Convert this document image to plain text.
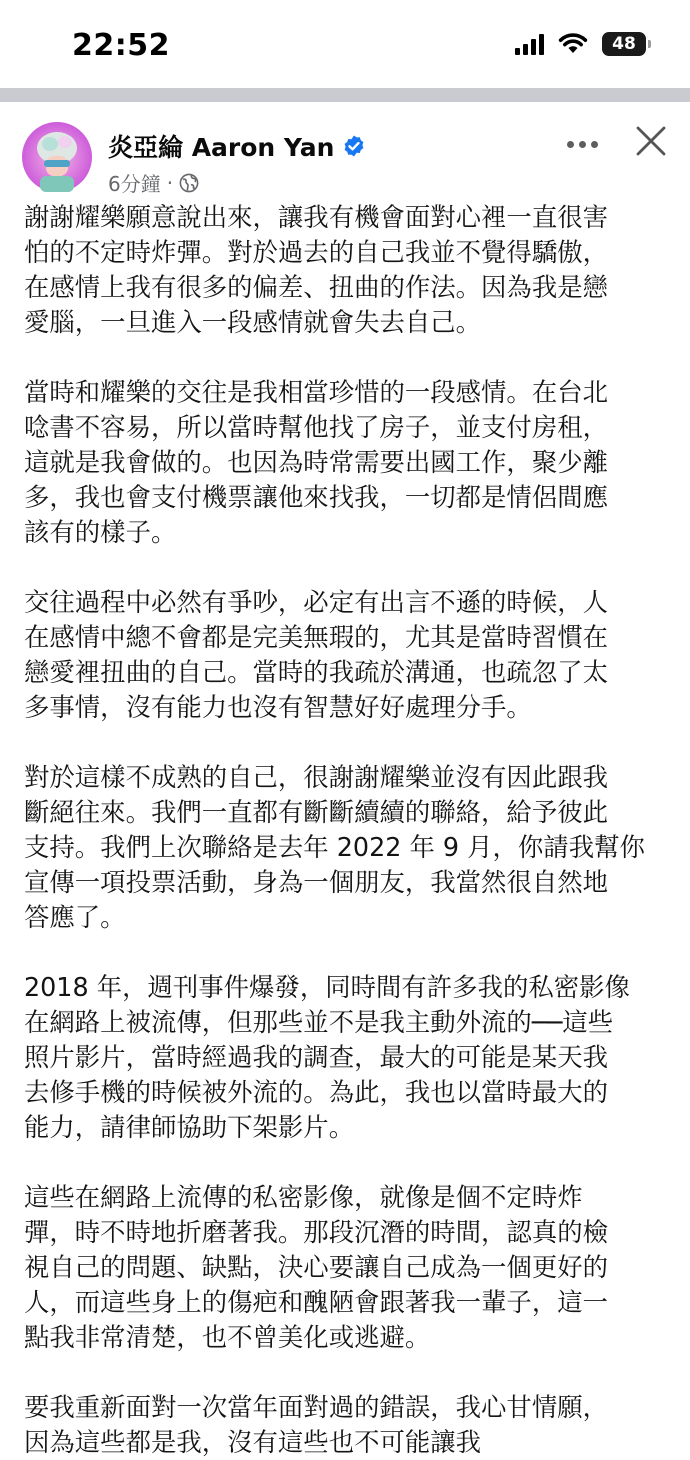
22:52	48
炎亞綸 Aaron Yan
6分鐘 ·
謝謝耀樂願意說出來，讓我有機會面對心裡一直很害
怕的不定時炸彈。對於過去的自己我並不覺得驕傲，
在感情上我有很多的偏差、扭曲的作法。因為我是戀
愛腦，一旦進入一段感情就會失去自己。
當時和耀樂的交往是我相當珍惜的一段感情。在台北
唸書不容易，所以當時幫他找了房子，並支付房租，
這就是我會做的。也因為時常需要出國工作，聚少離
多，我也會支付機票讓他來找我，一切都是情侶間應
該有的樣子。
交往過程中必然有爭吵，必定有出言不遜的時候，人
在感情中總不會都是完美無瑕的，尤其是當時習慣在
戀愛裡扭曲的自己。當時的我疏於溝通，也疏忽了太
多事情，沒有能力也沒有智慧好好處理分手。
對於這樣不成熟的自己，很謝謝耀樂並沒有因此跟我
斷絕往來。我們一直都有斷斷續續的聯絡，給予彼此
支持。我們上次聯絡是去年 2022 年 9 月，你請我幫你
宣傳一項投票活動，身為一個朋友，我當然很自然地
答應了。
2018 年，週刊事件爆發，同時間有許多我的私密影像
在網路上被流傳，但那些並不是我主動外流的──這些
照片影片，當時經過我的調查，最大的可能是某天我
去修手機的時候被外流的。為此，我也以當時最大的
能力，請律師協助下架影片。
這些在網路上流傳的私密影像，就像是個不定時炸
彈，時不時地折磨著我。那段沉潛的時間，認真的檢
視自己的問題、缺點，決心要讓自己成為一個更好的
人，而這些身上的傷疤和醜陋會跟著我一輩子，這一
點我非常清楚，也不曾美化或逃避。
要我重新面對一次當年面對過的錯誤，我心甘情願，
因為這些都是我，沒有這些也不可能讓我
